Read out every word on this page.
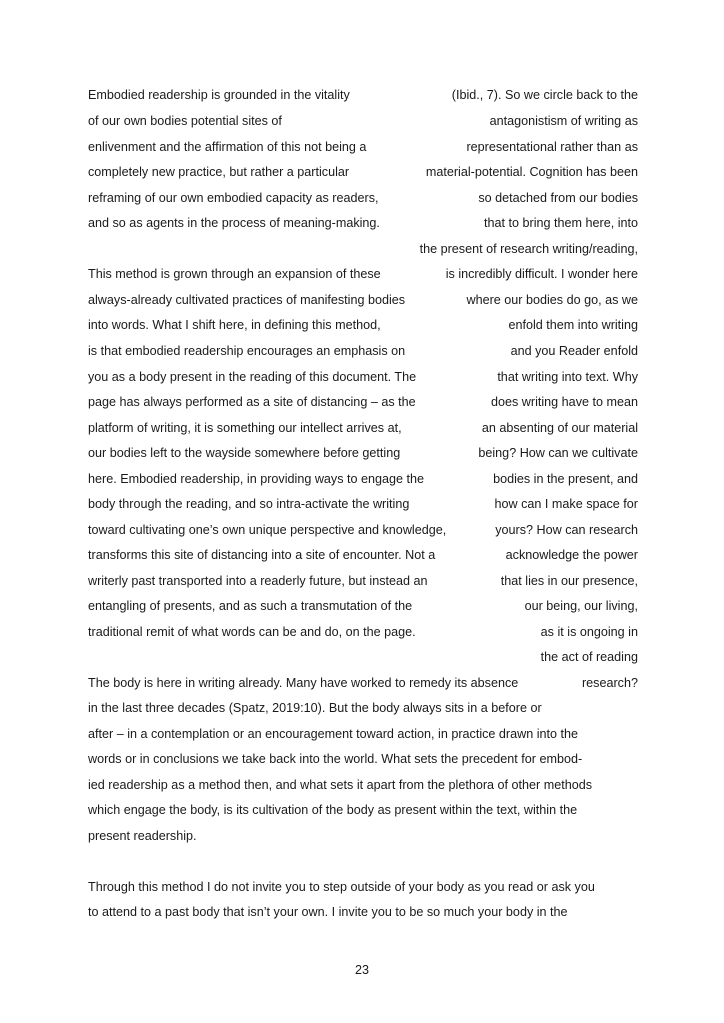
Embodied readership is grounded in the vitality
of our own bodies potential sites of
enlivenment and the affirmation of this not being a
completely new practice, but rather a particular
reframing of our own embodied capacity as readers,
and so as agents in the process of meaning-making.
This method is grown through an expansion of these
always-already cultivated practices of manifesting bodies
into words. What I shift here, in defining this method,
is that embodied readership encourages an emphasis on
you as a body present in the reading of this document. The
page has always performed as a site of distancing – as the
platform of writing, it is something our intellect arrives at,
our bodies left to the wayside somewhere before getting
here. Embodied readership, in providing ways to engage the
body through the reading, and so intra-activate the writing
toward cultivating one’s own unique perspective and knowledge,
transforms this site of distancing into a site of encounter. Not a
writerly past transported into a readerly future, but instead an
entangling of presents, and as such a transmutation of the
traditional remit of what words can be and do, on the page.
(Ibid., 7). So we circle back to the
antagonistism of writing as
representational rather than as
material-potential. Cognition has been
so detached from our bodies
that to bring them here, into
the present of research writing/reading,
is incredibly difficult. I wonder here
where our bodies do go, as we
enfold them into writing
and you Reader enfold
that writing into text. Why
does writing have to mean
an absenting of our material
being? How can we cultivate
bodies in the present, and
how can I make space for
yours? How can research
acknowledge the power
that lies in our presence,
our being, our living,
as it is ongoing in
the act of reading
research?
The body is here in writing already. Many have worked to remedy its absence
in the last three decades (Spatz, 2019:10). But the body always sits in a before or
after – in a contemplation or an encouragement toward action, in practice drawn into the
words or in conclusions we take back into the world. What sets the precedent for embod-
ied readership as a method then, and what sets it apart from the plethora of other methods
which engage the body, is its cultivation of the body as present within the text, within the
present readership.
Through this method I do not invite you to step outside of your body as you read or ask you
to attend to a past body that isn’t your own. I invite you to be so much your body in the
23
